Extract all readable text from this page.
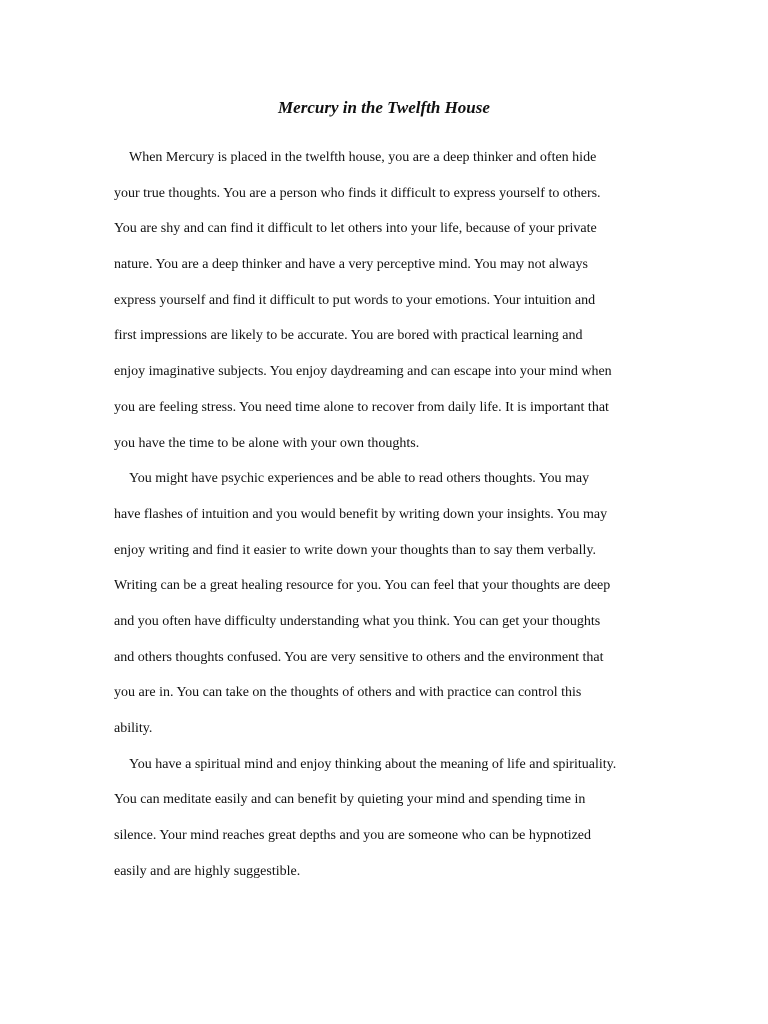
Mercury in the Twelfth House
When Mercury is placed in the twelfth house, you are a deep thinker and often hide
your true thoughts. You are a person who finds it difficult to express yourself to others.
You are shy and can find it difficult to let others into your life, because of your private
nature. You are a deep thinker and have a very perceptive mind. You may not always
express yourself and find it difficult to put words to your emotions. Your intuition and
first impressions are likely to be accurate. You are bored with practical learning and
enjoy imaginative subjects. You enjoy daydreaming and can escape into your mind when
you are feeling stress. You need time alone to recover from daily life. It is important that
you have the time to be alone with your own thoughts.
You might have psychic experiences and be able to read others thoughts. You may
have flashes of intuition and you would benefit by writing down your insights. You may
enjoy writing and find it easier to write down your thoughts than to say them verbally.
Writing can be a great healing resource for you. You can feel that your thoughts are deep
and you often have difficulty understanding what you think. You can get your thoughts
and others thoughts confused. You are very sensitive to others and the environment that
you are in. You can take on the thoughts of others and with practice can control this
ability.
You have a spiritual mind and enjoy thinking about the meaning of life and spirituality.
You can meditate easily and can benefit by quieting your mind and spending time in
silence. Your mind reaches great depths and you are someone who can be hypnotized
easily and are highly suggestible.
